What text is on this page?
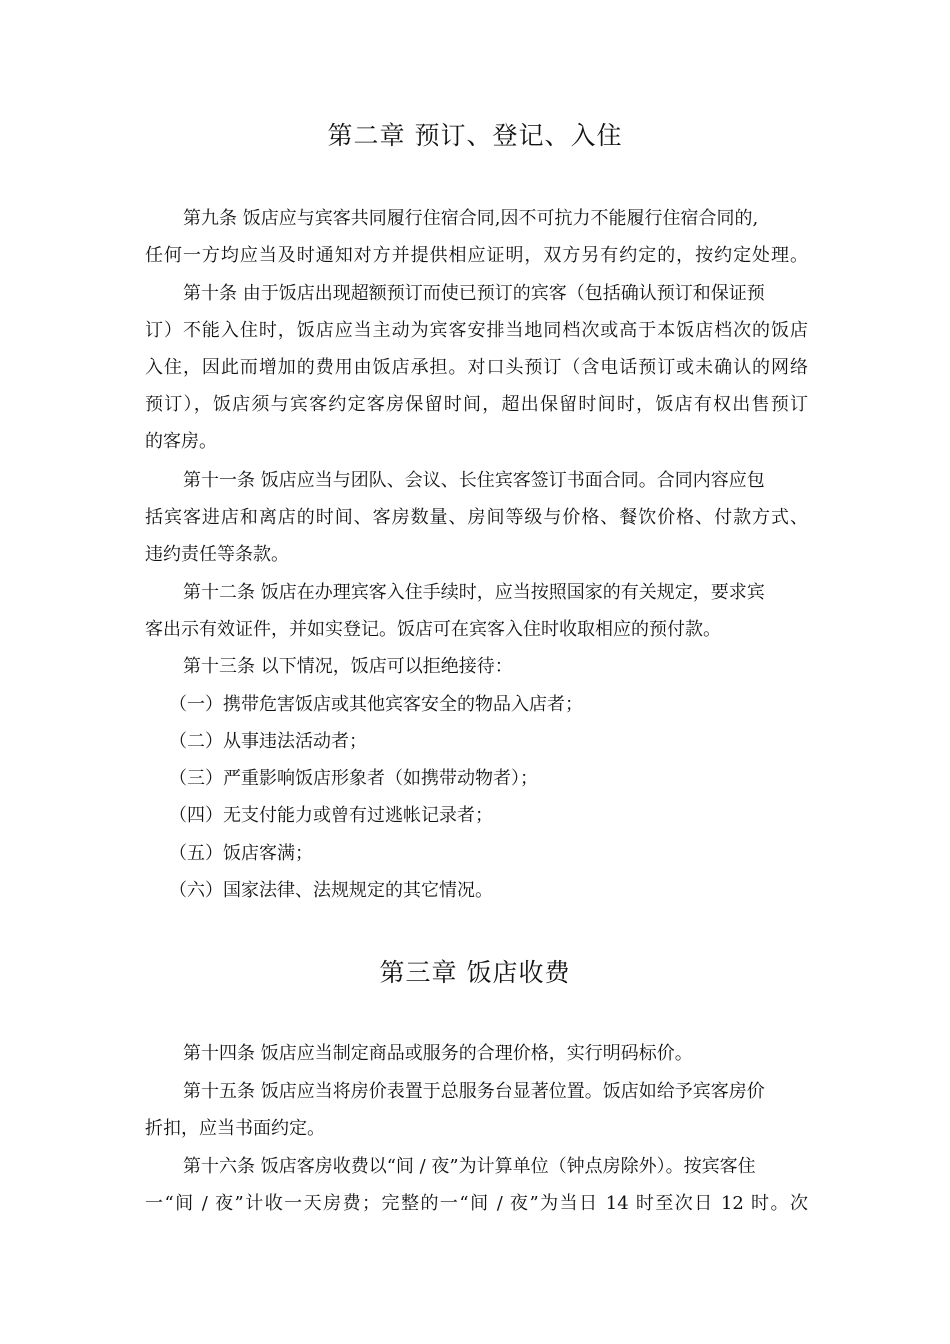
第二章 预订、登记、入住
第九条 饭店应与宾客共同履行住宿合同,因不可抗力不能履行住宿合同的,
任何一方均应当及时通知对方并提供相应证明，双方另有约定的，按约定处理。
第十条 由于饭店出现超额预订而使已预订的宾客（包括确认预订和保证预
订）不能入住时，饭店应当主动为宾客安排当地同档次或高于本饭店档次的饭店
入住，因此而增加的费用由饭店承担。对口头预订（含电话预订或未确认的网络
预订），饭店须与宾客约定客房保留时间，超出保留时间时，饭店有权出售预订
的客房。
第十一条 饭店应当与团队、会议、长住宾客签订书面合同。合同内容应包
括宾客进店和离店的时间、客房数量、房间等级与价格、餐饮价格、付款方式、
违约责任等条款。
第十二条 饭店在办理宾客入住手续时，应当按照国家的有关规定，要求宾
客出示有效证件，并如实登记。饭店可在宾客入住时收取相应的预付款。
第十三条 以下情况，饭店可以拒绝接待：
（一）携带危害饭店或其他宾客安全的物品入店者；
（二）从事违法活动者；
（三）严重影响饭店形象者（如携带动物者）；
（四）无支付能力或曾有过逃帐记录者；
（五）饭店客满；
（六）国家法律、法规规定的其它情况。
第三章 饭店收费
第十四条 饭店应当制定商品或服务的合理价格，实行明码标价。
第十五条 饭店应当将房价表置于总服务台显著位置。饭店如给予宾客房价
折扣，应当书面约定。
第十六条 饭店客房收费以“间 / 夜”为计算单位（钟点房除外）。按宾客住
一“间 / 夜”计收一天房费；完整的一“间 / 夜”为当日 14 时至次日 12 时。次
